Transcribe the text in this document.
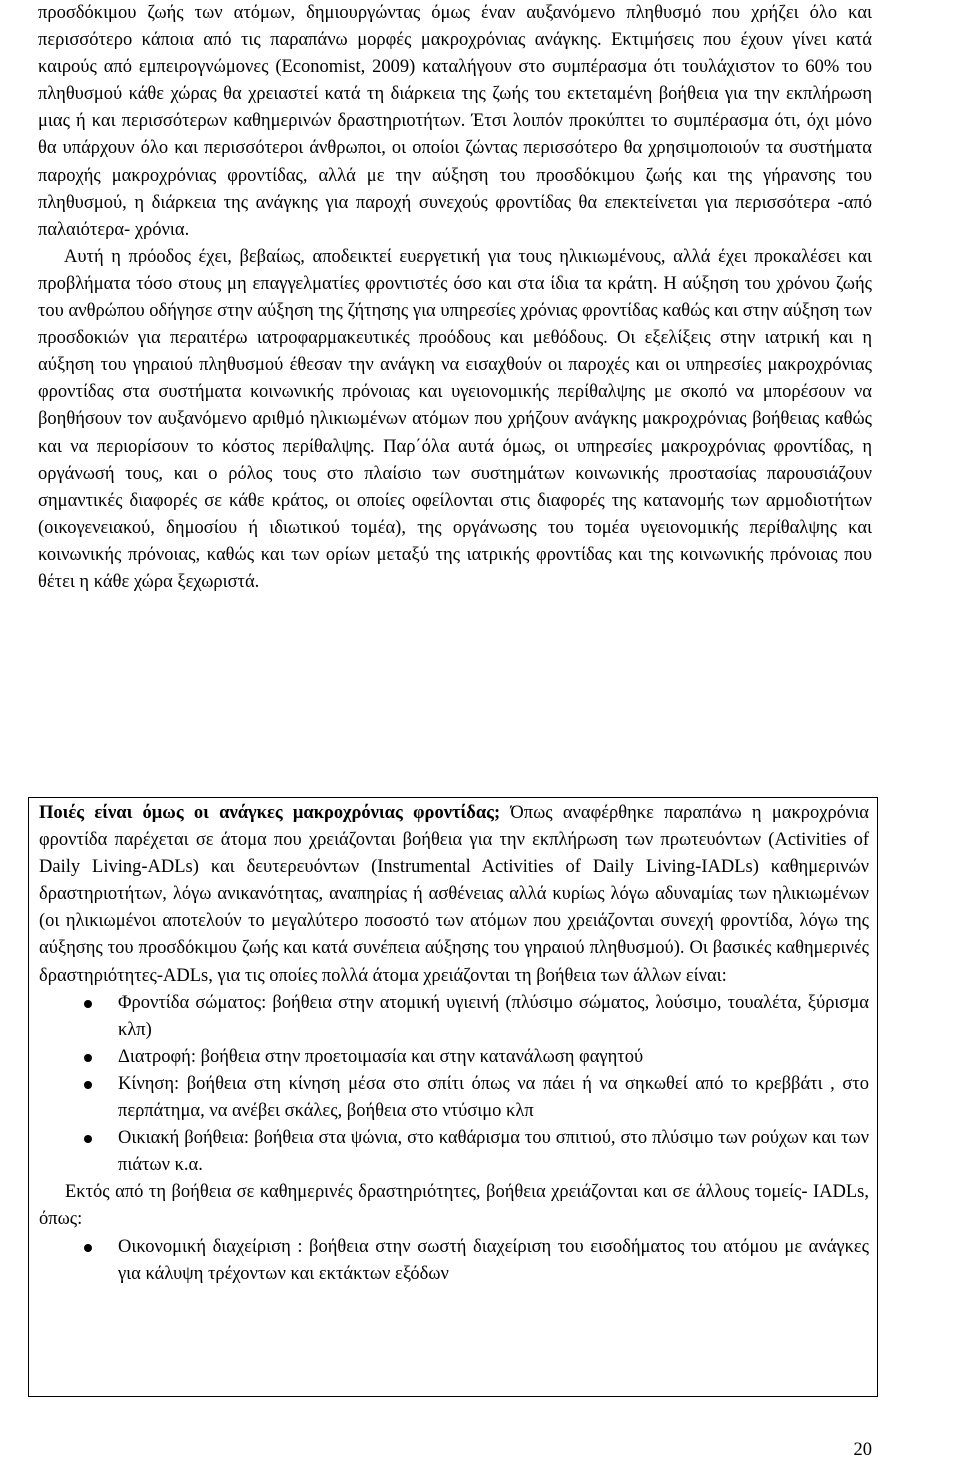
προσδόκιμου ζωής των ατόμων, δημιουργώντας όμως έναν αυξανόμενο πληθυσμό που χρήζει όλο και περισσότερο κάποια από τις παραπάνω μορφές μακροχρόνιας ανάγκης. Εκτιμήσεις που έχουν γίνει κατά καιρούς από εμπειρογνώμονες (Economist, 2009) καταλήγουν στο συμπέρασμα ότι τουλάχιστον το 60% του πληθυσμού κάθε χώρας θα χρειαστεί κατά τη διάρκεια της ζωής του εκτεταμένη βοήθεια για την εκπλήρωση μιας ή και περισσότερων καθημερινών δραστηριοτήτων. Έτσι λοιπόν προκύπτει το συμπέρασμα ότι, όχι μόνο θα υπάρχουν όλο και περισσότεροι άνθρωποι, οι οποίοι ζώντας περισσότερο θα χρησιμοποιούν τα συστήματα παροχής μακροχρόνιας φροντίδας, αλλά με την αύξηση του προσδόκιμου ζωής και της γήρανσης του πληθυσμού, η διάρκεια της ανάγκης για παροχή συνεχούς φροντίδας θα επεκτείνεται για περισσότερα -από παλαιότερα- χρόνια.

Αυτή η πρόοδος έχει, βεβαίως, αποδεικτεί ευεργετική για τους ηλικιωμένους, αλλά έχει προκαλέσει και προβλήματα τόσο στους μη επαγγελματίες φροντιστές όσο και στα ίδια τα κράτη. Η αύξηση του χρόνου ζωής του ανθρώπου οδήγησε στην αύξηση της ζήτησης για υπηρεσίες χρόνιας φροντίδας καθώς και στην αύξηση των προσδοκιών για περαιτέρω ιατροφαρμακευτικές προόδους και μεθόδους. Οι εξελίξεις στην ιατρική και η αύξηση του γηραιού πληθυσμού έθεσαν την ανάγκη να εισαχθούν οι παροχές και οι υπηρεσίες μακροχρόνιας φροντίδας στα συστήματα κοινωνικής πρόνοιας και υγειονομικής περίθαλψης με σκοπό να μπορέσουν να βοηθήσουν τον αυξανόμενο αριθμό ηλικιωμένων ατόμων που χρήζουν ανάγκης μακροχρόνιας βοήθειας καθώς και να περιορίσουν το κόστος περίθαλψης. Παρ΄όλα αυτά όμως, οι υπηρεσίες μακροχρόνιας φροντίδας, η οργάνωσή τους, και ο ρόλος τους στο πλαίσιο των συστημάτων κοινωνικής προστασίας παρουσιάζουν σημαντικές διαφορές σε κάθε κράτος, οι οποίες οφείλονται στις διαφορές της κατανομής των αρμοδιοτήτων (οικογενειακού, δημοσίου ή ιδιωτικού τομέα), της οργάνωσης του τομέα υγειονομικής περίθαλψης και κοινωνικής πρόνοιας, καθώς και των ορίων μεταξύ της ιατρικής φροντίδας και της κοινωνικής πρόνοιας που θέτει η κάθε χώρα ξεχωριστά.

Ποιές είναι όμως οι ανάγκες μακροχρόνιας φροντίδας; Όπως αναφέρθηκε παραπάνω η μακροχρόνια φροντίδα παρέχεται σε άτομα που χρειάζονται βοήθεια για την εκπλήρωση των πρωτευόντων (Activities of Daily Living-ADLs) και δευτερευόντων (Instrumental Activities of Daily Living-IADLs) καθημερινών δραστηριοτήτων, λόγω ανικανότητας, αναπηρίας ή ασθένειας αλλά κυρίως λόγω αδυναμίας των ηλικιωμένων (οι ηλικιωμένοι αποτελούν το μεγαλύτερο ποσοστό των ατόμων που χρειάζονται συνεχή φροντίδα, λόγω της αύξησης του προσδόκιμου ζωής και κατά συνέπεια αύξησης του γηραιού πληθυσμού). Οι βασικές καθημερινές δραστηριότητες-ADLs, για τις οποίες πολλά άτομα χρειάζονται τη βοήθεια των άλλων είναι:

Φροντίδα σώματος: βοήθεια στην ατομική υγιεινή (πλύσιμο σώματος, λούσιμο, τουαλέτα, ξύρισμα κλπ)
Διατροφή: βοήθεια στην προετοιμασία και στην κατανάλωση φαγητού
Κίνηση: βοήθεια στη κίνηση μέσα στο σπίτι όπως να πάει ή να σηκωθεί από το κρεββάτι , στο περπάτημα, να ανέβει σκάλες, βοήθεια στο ντύσιμο κλπ
Οικιακή βοήθεια: βοήθεια στα ψώνια, στο καθάρισμα του σπιτιού, στο πλύσιμο των ρούχων και των πιάτων κ.α.

Εκτός από τη βοήθεια σε καθημερινές δραστηριότητες, βοήθεια χρειάζονται και σε άλλους τομείς- IADLs, όπως:

Οικονομική διαχείριση : βοήθεια στην σωστή διαχείριση του εισοδήματος του ατόμου με ανάγκες για κάλυψη τρέχοντων και εκτάκτων εξόδων
20
